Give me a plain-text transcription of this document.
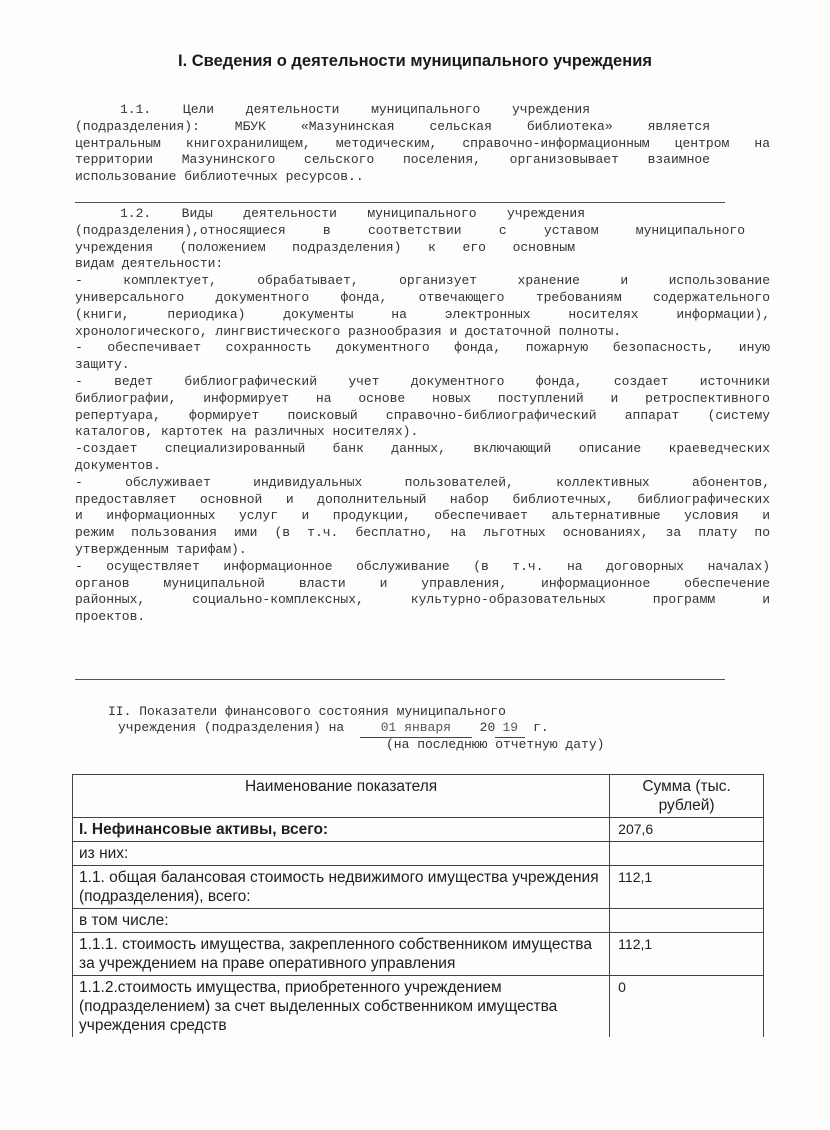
I. Сведения о деятельности муниципального учреждения

1.1. Цели деятельности муниципального учреждения

(подразделения): МБУК «Мазунинская сельская библиотека» является

центральным книгохранилищем, методическим, справочно-информационным центром на

территории Мазунинского сельского поселения, организовывает взаимное

использование библиотечных ресурсов..

1.2. Виды деятельности муниципального учреждения

(подразделения),относящиеся в соответствии с уставом муниципального

учреждения (положением подразделения) к его основным

видам деятельности:

- комплектует, обрабатывает, организует хранение и использование

универсального документного фонда, отвечающего требованиям содержательного

(книги, периодика) документы на электронных носителях информации),

хронологического, лингвистического разнообразия и достаточной полноты.

- обеспечивает сохранность документного фонда, пожарную безопасность, иную

защиту.

- ведет библиографический учет документного фонда, создает источники

библиографии, информирует на основе новых поступлений и ретроспективного

репертуара, формирует поисковый справочно-библиографический аппарат (систему

каталогов, картотек на различных носителях).

-создает специализированный банк данных, включающий описание краеведческих

документов.

- обслуживает индивидуальных пользователей, коллективных абонентов,

предоставляет основной и дополнительный набор библиотечных, библиографических

и информационных услуг и продукции, обеспечивает альтернативные условия и

режим пользования ими (в т.ч. бесплатно, на льготных основаниях, за плату по

утвержденным тарифам).

- осуществляет информационное обслуживание (в т.ч. на договорных началах)

органов муниципальной власти и управления, информационное обеспечение

районных, социально-комплексных, культурно-образовательных программ и

проектов.

II. Показатели финансового состояния муниципального
учреждения (подразделения) на	01 января 20 19 г.
(на последнюю отчетную дату)
Наименование показателя	Сумма (тыс. рублей)
I. Нефинансовые активы, всего:	207,6
из них:	
1.1. общая балансовая стоимость недвижимого имущества учреждения (подразделения), всего:	112,1
в том числе:	
1.1.1. стоимость имущества, закрепленного собственником имущества за учреждением на праве оперативного управления	112,1
1.1.2.стоимость имущества, приобретенного учреждением (подразделением) за счет выделенных собственником имущества учреждения средств	0
